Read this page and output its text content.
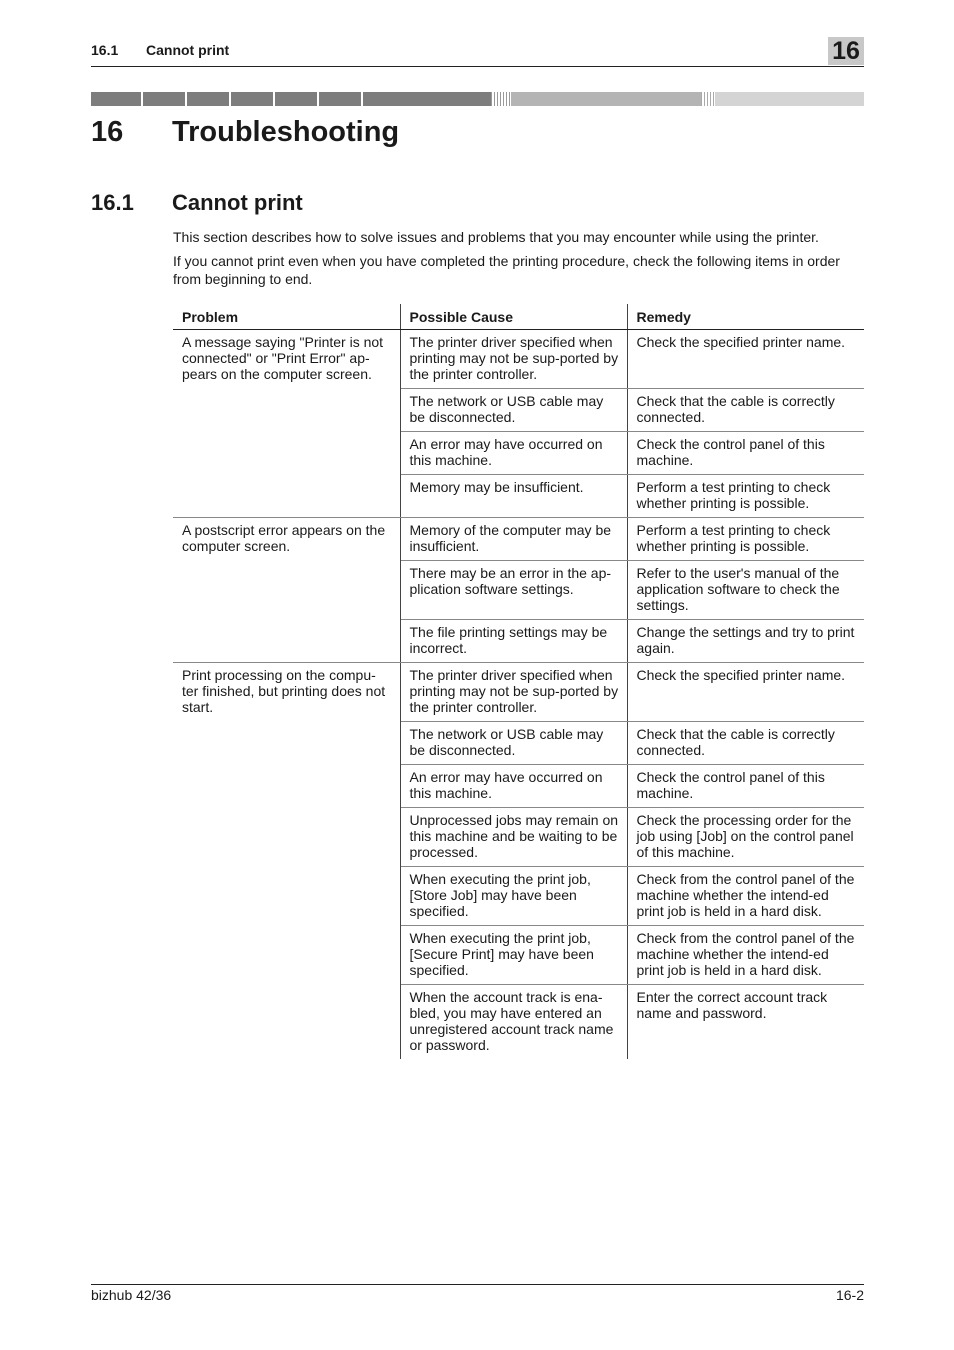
16.1 Cannot print	16
16 Troubleshooting
16.1 Cannot print

This section describes how to solve issues and problems that you may encounter while using the printer.

If you cannot print even when you have completed the printing procedure, check the following items in order from beginning to end.

Problem	Possible Cause	Remedy
A message saying "Printer is not connected" or "Print Error" ap-pears on the computer screen.	The printer driver specified when printing may not be sup-ported by the printer controller.	Check the specified printer name.
	The network or USB cable may be disconnected.	Check that the cable is correctly connected.
	An error may have occurred on this machine.	Check the control panel of this machine.
	Memory may be insufficient.	Perform a test printing to check whether printing is possible.
A postscript error appears on the computer screen.	Memory of the computer may be insufficient.	Perform a test printing to check whether printing is possible.
	There may be an error in the ap-plication software settings.	Refer to the user's manual of the application software to check the settings.
	The file printing settings may be incorrect.	Change the settings and try to print again.
Print processing on the compu-ter finished, but printing does not start.	The printer driver specified when printing may not be sup-ported by the printer controller.	Check the specified printer name.
	The network or USB cable may be disconnected.	Check that the cable is correctly connected.
	An error may have occurred on this machine.	Check the control panel of this machine.
	Unprocessed jobs may remain on this machine and be waiting to be processed.	Check the processing order for the job using [Job] on the control panel of this machine.
	When executing the print job, [Store Job] may have been specified.	Check from the control panel of the machine whether the intend-ed print job is held in a hard disk.
	When executing the print job, [Secure Print] may have been specified.	Check from the control panel of the machine whether the intend-ed print job is held in a hard disk.
	When the account track is ena-bled, you may have entered an unregistered account track name or password.	Enter the correct account track name and password.
bizhub 42/36	16-2
